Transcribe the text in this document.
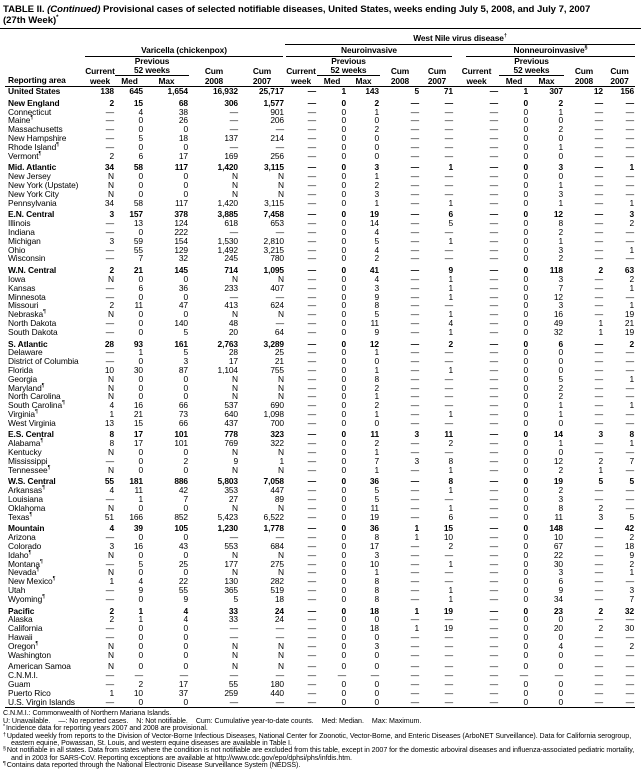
TABLE II. (Continued) Provisional cases of selected notifiable diseases, United States, weeks ending July 5, 2008, and July 7, 2007
(27th Week)*
Reporting area						West Nile virus disease†

	Varicella (chickenpox)					Neuroinvasive					Nonneuroinvasive§

		Previous					Previous					Previous			
	Current	52 weeks		Cum	Cum	Current	52 weeks		Cum	Cum	Current	52 weeks		Cum	Cum
	week	Med	Max	2008	2007	week	Med	Max	2008	2007	week	Med	Max	2008	2007
United States	138	645	1,654	16,932	25,717	—	1	143	5	71	—	1	307	12	156

New England	2	15	68	306	1,577	—	0	2	—	—	—	0	2	—	—
Connecticut	—	4	38	—	901	—	0	1	—	—	—	0	1	—	—
Maine¶	—	0	26	—	206	—	0	0	—	—	—	0	0	—	—
Massachusetts	—	0	0	—	—	—	0	2	—	—	—	0	2	—	—
New Hampshire	—	5	18	137	214	—	0	0	—	—	—	0	0	—	—
Rhode Island¶	—	0	0	—	—	—	0	0	—	—	—	0	1	—	—
Vermont¶	2	6	17	169	256	—	0	0	—	—	—	0	0	—	—

Mid. Atlantic	34	58	117	1,420	3,115	—	0	3	—	1	—	0	3	—	1
New Jersey	N	0	0	N	N	—	0	1	—	—	—	0	0	—	—
New York (Upstate)	N	0	0	N	N	—	0	2	—	—	—	0	1	—	—
New York City	N	0	0	N	N	—	0	3	—	—	—	0	3	—	—
Pennsylvania	34	58	117	1,420	3,115	—	0	1	—	1	—	0	1	—	1

E.N. Central	3	157	378	3,885	7,458	—	0	19	—	6	—	0	12	—	3
Illinois	—	13	124	618	653	—	0	14	—	5	—	0	8	—	2
Indiana	—	0	222	—	—	—	0	4	—	—	—	0	2	—	—
Michigan	3	59	154	1,530	2,810	—	0	5	—	1	—	0	1	—	—
Ohio	—	55	129	1,492	3,215	—	0	4	—	—	—	0	3	—	1
Wisconsin	—	7	32	245	780	—	0	2	—	—	—	0	2	—	—

W.N. Central	2	21	145	714	1,095	—	0	41	—	9	—	0	118	2	63
Iowa	N	0	0	N	N	—	0	4	—	1	—	0	3	—	2
Kansas	—	6	36	233	407	—	0	3	—	1	—	0	7	—	1
Minnesota	—	0	0	—	—	—	0	9	—	1	—	0	12	—	—
Missouri	2	11	47	413	624	—	0	8	—	—	—	0	3	—	1
Nebraska¶	N	0	0	N	N	—	0	5	—	1	—	0	16	—	19
North Dakota	—	0	140	48	—	—	0	11	—	4	—	0	49	1	21
South Dakota	—	0	5	20	64	—	0	9	—	1	—	0	32	1	19

S. Atlantic	28	93	161	2,763	3,289	—	0	12	—	2	—	0	6	—	2
Delaware	—	1	5	28	25	—	0	1	—	—	—	0	0	—	—
District of Columbia	—	0	3	17	21	—	0	0	—	—	—	0	0	—	—
Florida	10	30	87	1,104	755	—	0	1	—	1	—	0	0	—	—
Georgia	N	0	0	N	N	—	0	8	—	—	—	0	5	—	1
Maryland¶	N	0	0	N	N	—	0	2	—	—	—	0	2	—	—
North Carolina	N	0	0	N	N	—	0	1	—	—	—	0	2	—	—
South Carolina¶	4	16	66	537	690	—	0	2	—	—	—	0	1	—	1
Virginia¶	1	21	73	640	1,098	—	0	1	—	1	—	0	1	—	—
West Virginia	13	15	66	437	700	—	0	0	—	—	—	0	0	—	—

E.S. Central	8	17	101	778	323	—	0	11	3	11	—	0	14	3	8
Alabama¶	8	17	101	769	322	—	0	2	—	2	—	0	1	—	1
Kentucky	N	0	0	N	N	—	0	1	—	—	—	0	0	—	—
Mississippi	—	0	2	9	1	—	0	7	3	8	—	0	12	2	7
Tennessee¶	N	0	0	N	N	—	0	1	—	1	—	0	2	1	—

W.S. Central	55	181	886	5,803	7,058	—	0	36	—	8	—	0	19	5	5
Arkansas¶	4	11	42	353	447	—	0	5	—	1	—	0	2	—	—
Louisiana	—	1	7	27	89	—	0	5	—	—	—	0	3	—	—
Oklahoma	N	0	0	N	N	—	0	11	—	1	—	0	8	2	—
Texas¶	51	166	852	5,423	6,522	—	0	19	—	6	—	0	11	3	5

Mountain	4	39	105	1,230	1,778	—	0	36	1	15	—	0	148	—	42
Arizona	—	0	0	—	—	—	0	8	1	10	—	0	10	—	2
Colorado	3	16	43	553	684	—	0	17	—	2	—	0	67	—	18
Idaho¶	N	0	0	N	N	—	0	3	—	—	—	0	22	—	9
Montana¶	—	5	25	177	275	—	0	10	—	1	—	0	30	—	2
Nevada¶	N	0	0	N	N	—	0	1	—	—	—	0	3	—	1
New Mexico¶	1	4	22	130	282	—	0	8	—	—	—	0	6	—	—
Utah	—	9	55	365	519	—	0	8	—	1	—	0	9	—	3
Wyoming¶	—	0	9	5	18	—	0	8	—	1	—	0	34	—	7

Pacific	2	1	4	33	24	—	0	18	1	19	—	0	23	2	32
Alaska	2	1	4	33	24	—	0	0	—	—	—	0	0	—	—
California	—	0	0	—	—	—	0	18	1	19	—	0	20	2	30
Hawaii	—	0	0	—	—	—	0	0	—	—	—	0	0	—	—
Oregon¶	N	0	0	N	N	—	0	3	—	—	—	0	4	—	2
Washington	N	0	0	N	N	—	0	0	—	—	—	0	0	—	—

American Samoa	N	0	0	N	N	—	0	0	—	—	—	0	0	—	—
C.N.M.I.	—	—	—	—	—	—	—	—	—	—	—	—	—	—	—
Guam	—	2	17	55	180	—	0	0	—	—	—	0	0	—	—
Puerto Rico	1	10	37	259	440	—	0	0	—	—	—	0	0	—	—
U.S. Virgin Islands	—	0	0	—	—	—	0	0	—	—	—	0	0	—	—
C.N.M.I.: Commonwealth of Northern Mariana Islands.
U: Unavailable. —: No reported cases. N: Not notifiable. Cum: Cumulative year-to-date counts. Med: Median. Max: Maximum.
*Incidence data for reporting years 2007 and 2008 are provisional.
†Updated weekly from reports to the Division of Vector-Borne Infectious Diseases, National Center for Zoonotic, Vector-Borne, and Enteric Diseases (ArboNET Surveillance). Data for California serogroup, eastern equine, Powassan, St. Louis, and western equine diseases are available in Table I.
§Not notifiable in all states. Data from states where the condition is not notifiable are excluded from this table, except in 2007 for the domestic arboviral diseases and influenza-associated pediatric mortality, and in 2003 for SARS-CoV. Reporting exceptions are available at http://www.cdc.gov/epo/dphsi/phs/infdis.htm.
¶Contains data reported through the National Electronic Disease Surveillance System (NEDSS).
